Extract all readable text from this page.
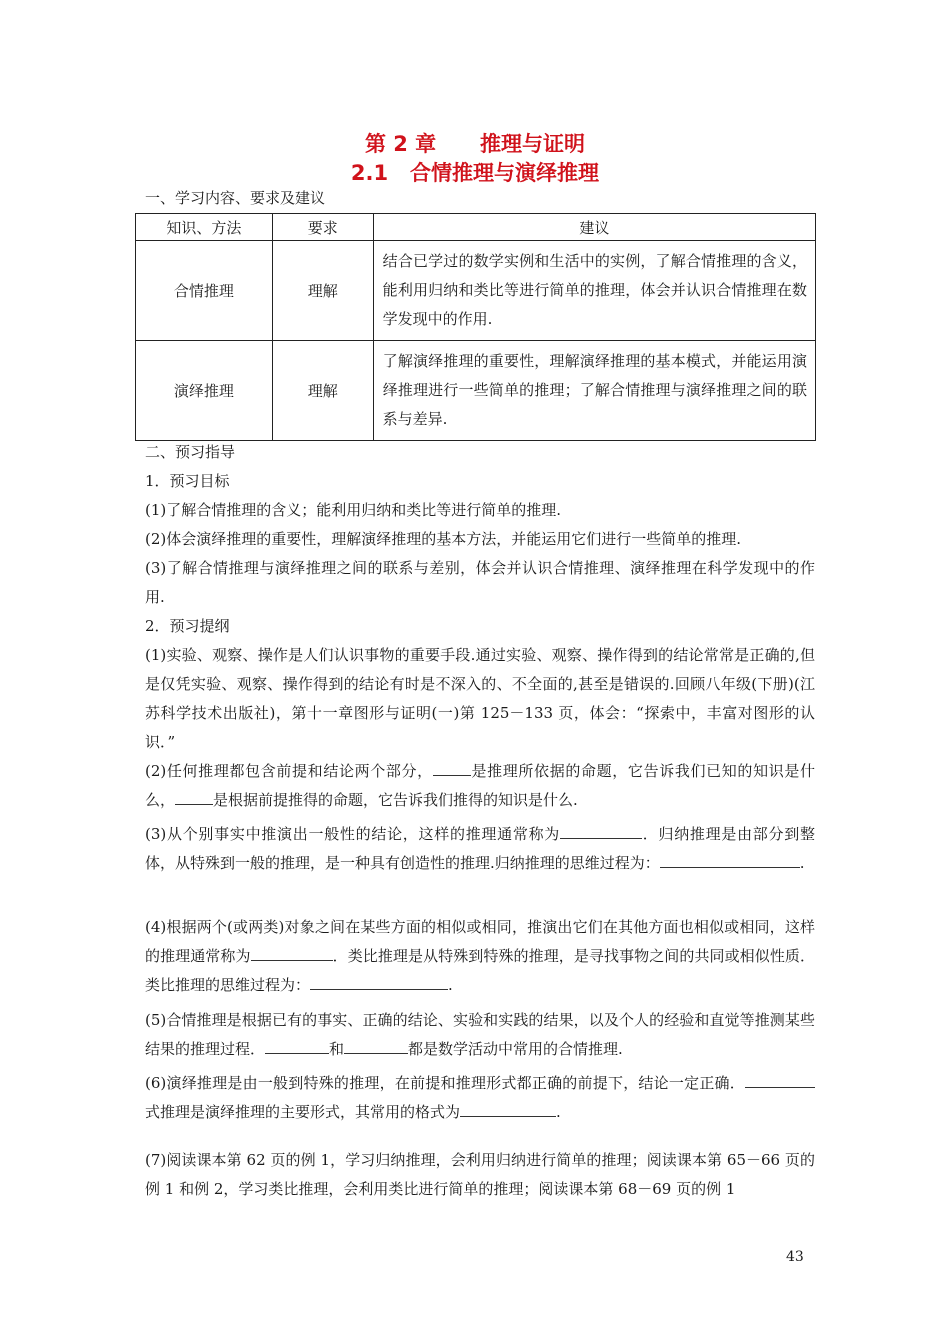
第 2 章      推理与证明
2.1   合情推理与演绎推理
一、学习内容、要求及建议
知识、方法	要求	建议
合情推理	理解	结合已学过的数学实例和生活中的实例，了解合情推理的含义，能利用归纳和类比等进行简单的推理，体会并认识合情推理在数学发现中的作用.
演绎推理	理解	了解演绎推理的重要性，理解演绎推理的基本模式，并能运用演绎推理进行一些简单的推理；了解合情推理与演绎推理之间的联系与差异.
二、预习指导
1．预习目标
(1)了解合情推理的含义；能利用归纳和类比等进行简单的推理.
(2)体会演绎推理的重要性，理解演绎推理的基本方法，并能运用它们进行一些简单的推理.
(3)了解合情推理与演绎推理之间的联系与差别，体会并认识合情推理、演绎推理在科学发现中的作用.
2．预习提纲
(1)实验、观察、操作是人们认识事物的重要手段.通过实验、观察、操作得到的结论常常是正确的,但是仅凭实验、观察、操作得到的结论有时是不深入的、不全面的,甚至是错误的.回顾八年级(下册)(江苏科学技术出版社)，第十一章图形与证明(一)第 125－133 页，体会：“探索中，丰富对图形的认识．”
(2)任何推理都包含前提和结论两个部分，	是推理所依据的命题，它告诉我们已知的知识是什么，	是根据前提推得的命题，它告诉我们推得的知识是什么.
(3)从个别事实中推演出一般性的结论，这样的推理通常称为	．归纳推理是由部分到整体，从特殊到一般的推理，是一种具有创造性的推理.归纳推理的思维过程为：	.
(4)根据两个(或两类)对象之间在某些方面的相似或相同，推演出它们在其他方面也相似或相同，这样的推理通常称为	．类比推理是从特殊到特殊的推理，是寻找事物之间的共同或相似性质．类比推理的思维过程为：	.
(5)合情推理是根据已有的事实、正确的结论、实验和实践的结果，以及个人的经验和直觉等推测某些结果的推理过程．	和	都是数学活动中常用的合情推理.
(6)演绎推理是由一般到特殊的推理，在前提和推理形式都正确的前提下，结论一定正确．式推理是演绎推理的主要形式，其常用的格式为	.
(7)阅读课本第 62 页的例 1，学习归纳推理，会利用归纳进行简单的推理；阅读课本第 65－66 页的例 1 和例 2，学习类比推理，会利用类比进行简单的推理；阅读课本第 68－69 页的例 1
43
